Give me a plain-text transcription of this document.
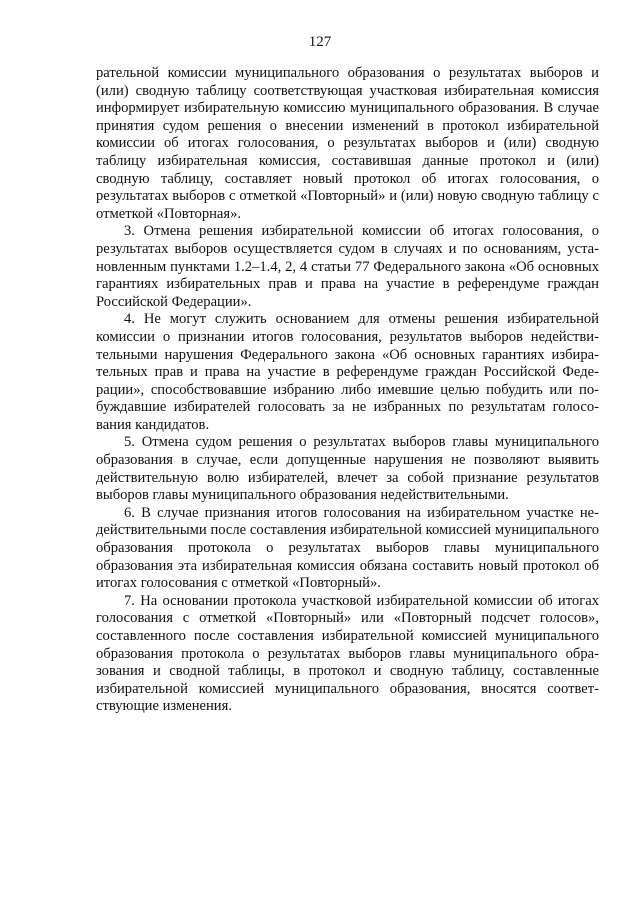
127

рательной комиссии муниципального образования о результатах выборов и (или) сводную таблицу соответствующая участковая избирательная комиссия информирует избирательную комиссию муниципального образования. В случае принятия судом решения о внесении изменений в протокол избирательной комиссии об итогах голосования, о результатах выборов и (или) сводную таблицу избирательная комиссия, составившая данные протокол и (или) сводную таблицу, составляет новый протокол об итогах голосования, о результатах выборов с отметкой «Повторный» и (или) новую сводную таблицу с отметкой «Повторная».

3. Отмена решения избирательной комиссии об итогах голосования, о результатах выборов осуществляется судом в случаях и по основаниям, установленным пунктами 1.2–1.4, 2, 4 статьи 77 Федерального закона «Об основных гарантиях избирательных прав и права на участие в референдуме граждан Российской Федерации».

4. Не могут служить основанием для отмены решения избирательной комиссии о признании итогов голосования, результатов выборов недействительными нарушения Федерального закона «Об основных гарантиях избирательных прав и права на участие в референдуме граждан Российской Федерации», способствовавшие избранию либо имевшие целью побудить или побуждавшие избирателей голосовать за не избранных по результатам голосования кандидатов.

5. Отмена судом решения о результатах выборов главы муниципального образования в случае, если допущенные нарушения не позволяют выявить действительную волю избирателей, влечет за собой признание результатов выборов главы муниципального образования недействительными.

6. В случае признания итогов голосования на избирательном участке недействительными после составления избирательной комиссией муниципального образования протокола о результатах выборов главы муниципального образования эта избирательная комиссия обязана составить новый протокол об итогах голосования с отметкой «Повторный».

7. На основании протокола участковой избирательной комиссии об итогах голосования с отметкой «Повторный» или «Повторный подсчет голосов», составленного после составления избирательной комиссией муниципального образования протокола о результатах выборов главы муниципального образования и сводной таблицы, в протокол и сводную таблицу, составленные избирательной комиссией муниципального образования, вносятся соответствующие изменения.
